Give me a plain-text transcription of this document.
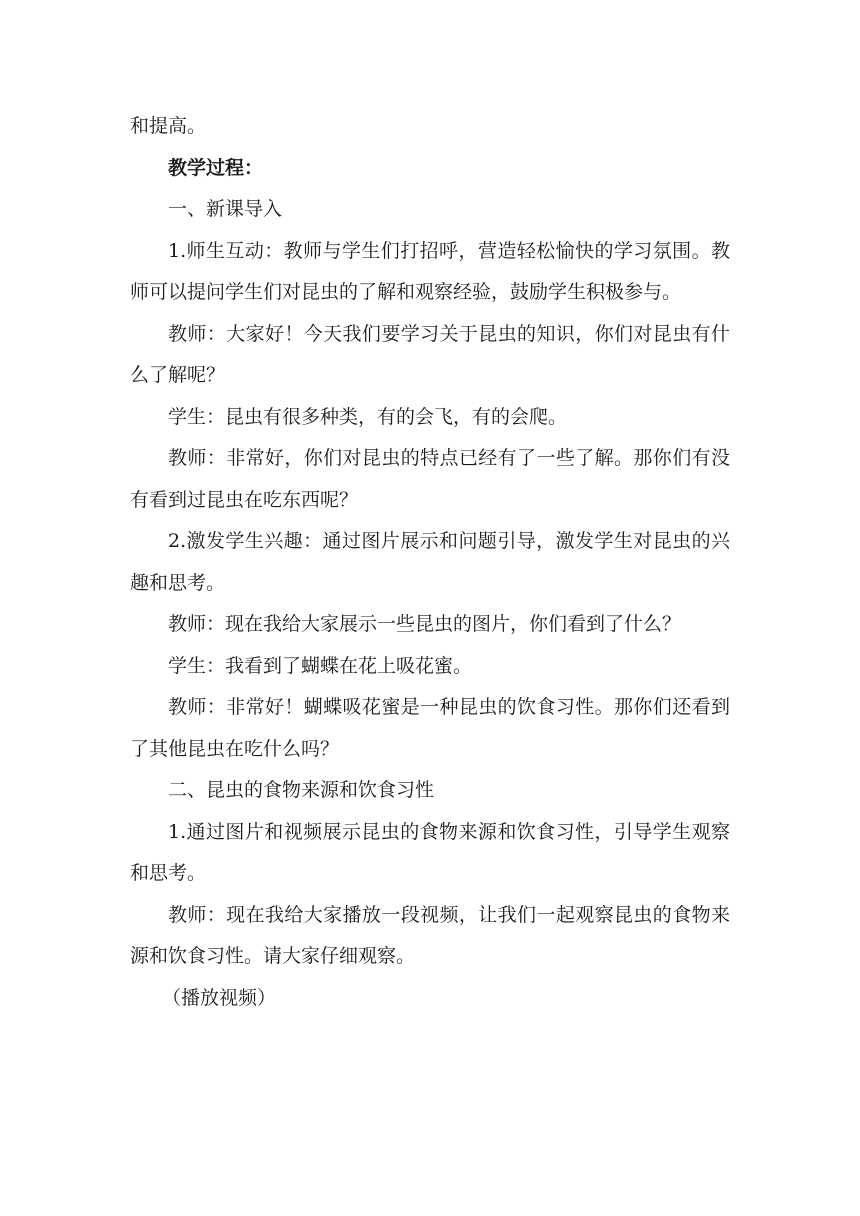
和提高。

教学过程：

一、新课导入

1.师生互动：教师与学生们打招呼，营造轻松愉快的学习氛围。教师可以提问学生们对昆虫的了解和观察经验，鼓励学生积极参与。

教师：大家好！今天我们要学习关于昆虫的知识，你们对昆虫有什么了解呢？

学生：昆虫有很多种类，有的会飞，有的会爬。

教师：非常好，你们对昆虫的特点已经有了一些了解。那你们有没有看到过昆虫在吃东西呢？

2.激发学生兴趣：通过图片展示和问题引导，激发学生对昆虫的兴趣和思考。

教师：现在我给大家展示一些昆虫的图片，你们看到了什么？

学生：我看到了蝴蝶在花上吸花蜜。

教师：非常好！蝴蝶吸花蜜是一种昆虫的饮食习性。那你们还看到了其他昆虫在吃什么吗？

二、昆虫的食物来源和饮食习性

1.通过图片和视频展示昆虫的食物来源和饮食习性，引导学生观察和思考。

教师：现在我给大家播放一段视频，让我们一起观察昆虫的食物来源和饮食习性。请大家仔细观察。

（播放视频）
